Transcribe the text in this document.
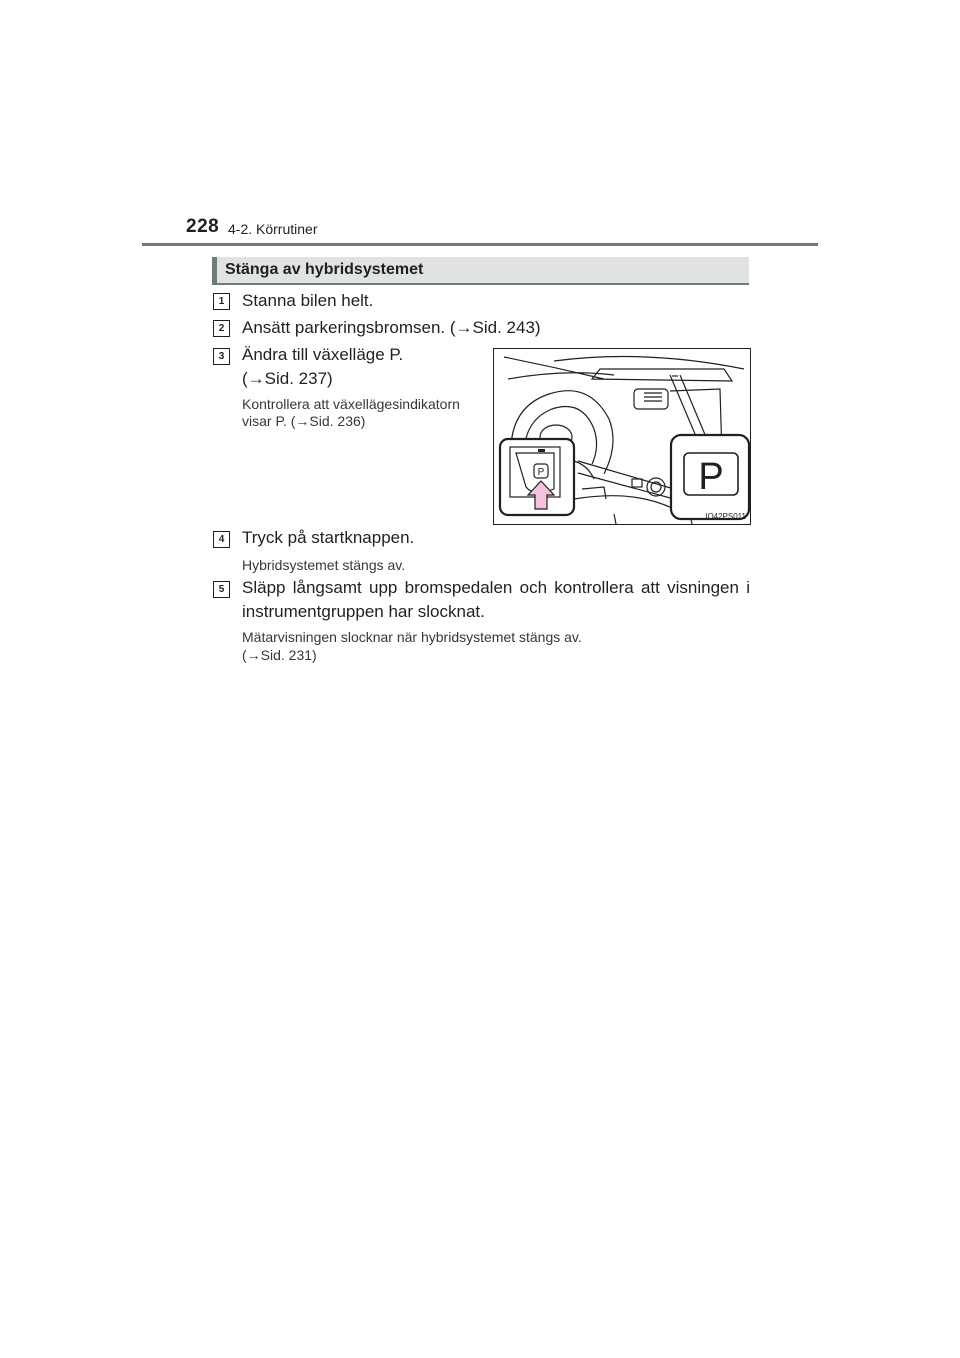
228 4-2. Körrutiner
Stänga av hybridsystemet
1	Stanna bilen helt.

2	Ansätt parkeringsbromsen. (→Sid. 243)

3	Ändra till växelläge P.

(→Sid. 237)

Kontrollera att växellägesindikatorn

visar P. (→Sid. 236)

P
P
IO42PS011
4	Tryck på startknappen.

Hybridsystemet stängs av.

5	Släpp långsamt upp bromspedalen och kontrollera att visningen i

instrumentgruppen har slocknat.

Mätarvisningen slocknar när hybridsystemet stängs av.

(→Sid. 231)
